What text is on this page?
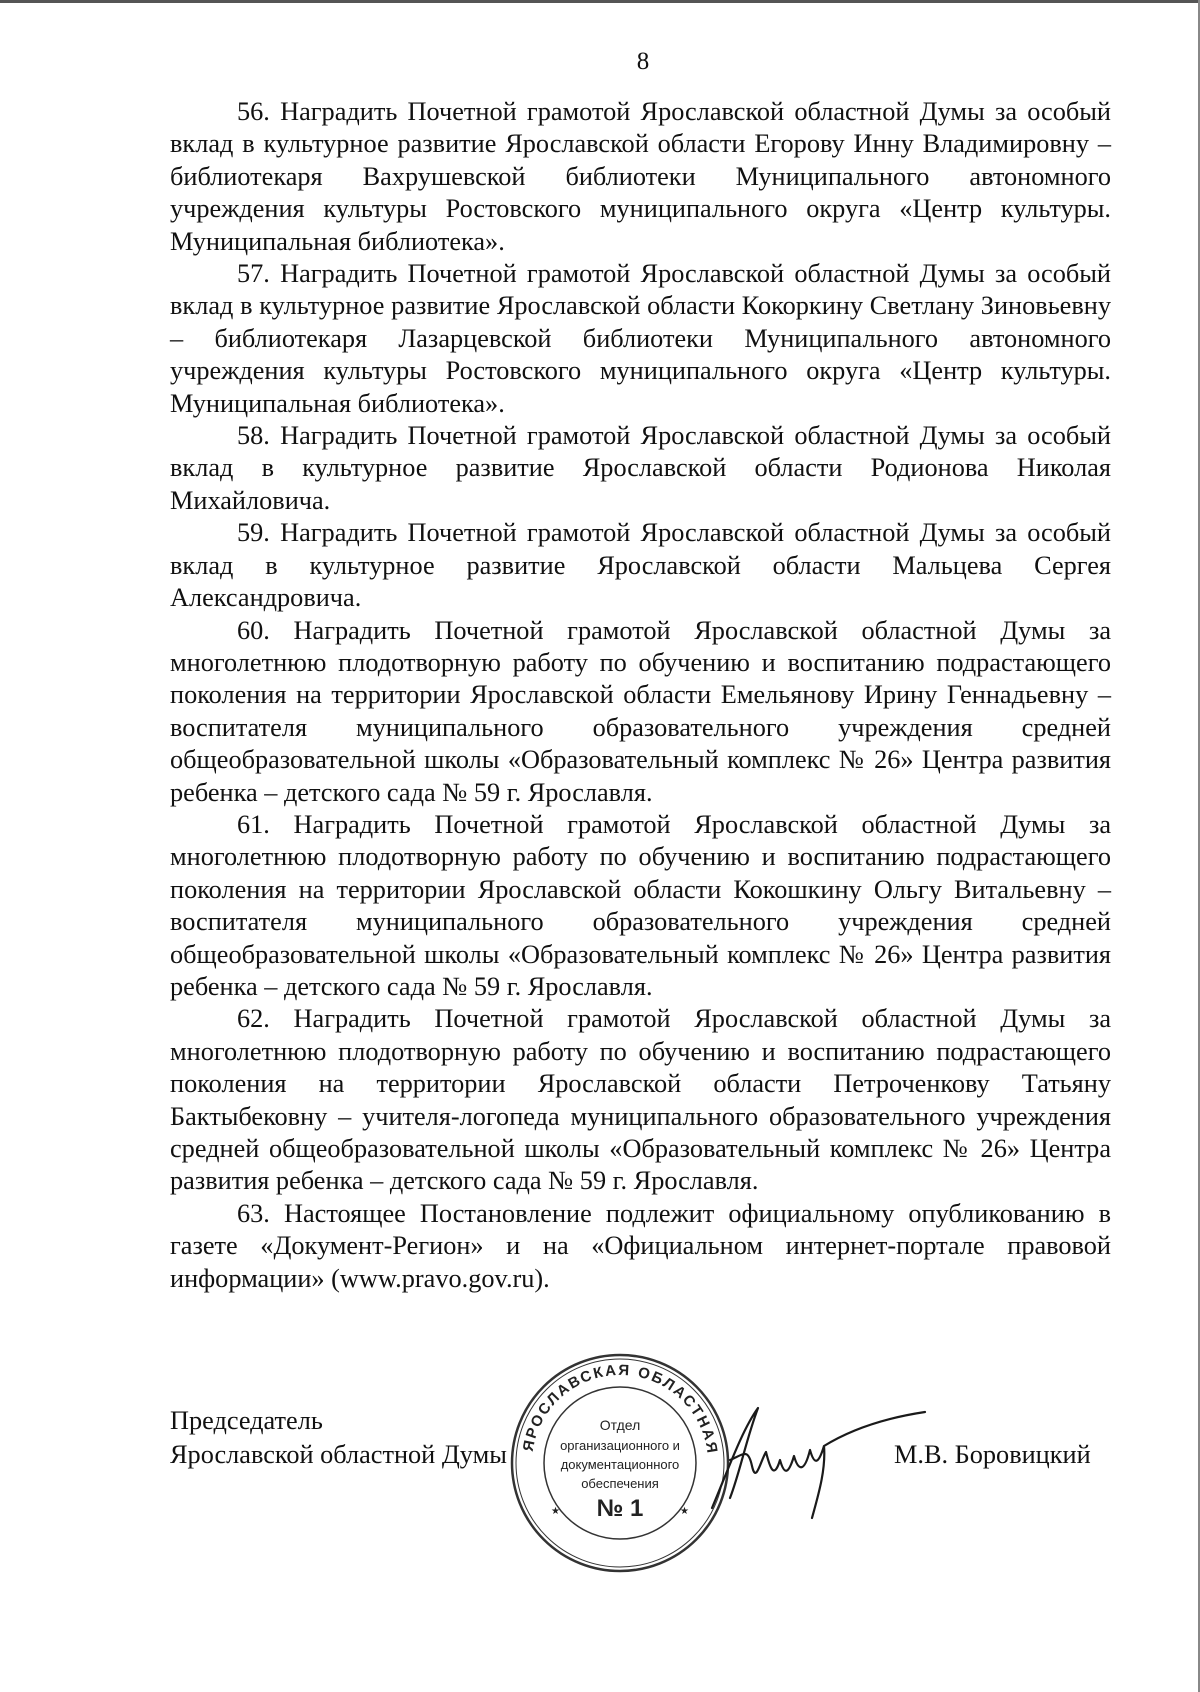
8

56. Наградить Почетной грамотой Ярославской областной Думы за особый вклад в культурное развитие Ярославской области Егорову Инну Владимировну – библиотекаря Вахрушевской библиотеки Муниципального автономного учреждения культуры Ростовского муниципального округа «Центр культуры. Муниципальная библиотека».

57. Наградить Почетной грамотой Ярославской областной Думы за особый вклад в культурное развитие Ярославской области Кокоркину Светлану Зиновьевну – библиотекаря Лазарцевской библиотеки Муниципального автономного учреждения культуры Ростовского муниципального округа «Центр культуры. Муниципальная библиотека».

58. Наградить Почетной грамотой Ярославской областной Думы за особый вклад в культурное развитие Ярославской области Родионова Николая Михайловича.

59. Наградить Почетной грамотой Ярославской областной Думы за особый вклад в культурное развитие Ярославской области Мальцева Сергея Александровича.

60. Наградить Почетной грамотой Ярославской областной Думы за многолетнюю плодотворную работу по обучению и воспитанию подрастающего поколения на территории Ярославской области Емельянову Ирину Геннадьевну – воспитателя муниципального образовательного учреждения средней общеобразовательной школы «Образовательный комплекс № 26» Центра развития ребенка – детского сада № 59 г. Ярославля.

61. Наградить Почетной грамотой Ярославской областной Думы за многолетнюю плодотворную работу по обучению и воспитанию подрастающего поколения на территории Ярославской области Кокошкину Ольгу Витальевну – воспитателя муниципального образовательного учреждения средней общеобразовательной школы «Образовательный комплекс № 26» Центра развития ребенка – детского сада № 59 г. Ярославля.

62. Наградить Почетной грамотой Ярославской областной Думы за многолетнюю плодотворную работу по обучению и воспитанию подрастающего поколения на территории Ярославской области Петроченкову Татьяну Бактыбековну – учителя-логопеда муниципального образовательного учреждения средней общеобразовательной школы «Образовательный комплекс № 26» Центра развития ребенка – детского сада № 59 г. Ярославля.

63. Настоящее Постановление подлежит официальному опубликованию в газете «Документ-Регион» и на «Официальном интернет-портале правовой информации» (www.pravo.gov.ru).

Председатель
Ярославской областной Думы ЯРОСЛАВСКАЯ ОБЛАСТНАЯ
Отдел
организационного и
документационного
обеспечения
№ 1
★	★
М.В. Боровицкий
